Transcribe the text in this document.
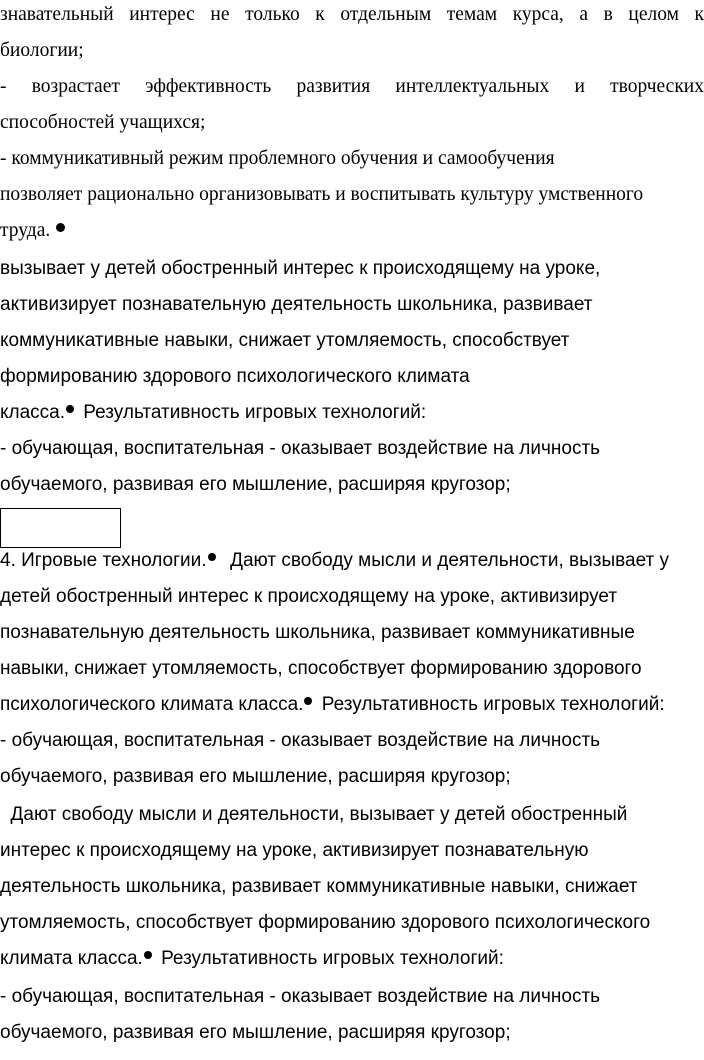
знавательный интерес не только к отдельным темам курса, а в целом к
биологии;
- возрастает эффективность развития интеллектуальных и творческих
способностей учащихся;
- коммуникативный режим проблемного обучения и самообучения
позволяет рационально организовывать и воспитывать культуру умственного
труда.
вызывает у детей обостренный интерес к происходящему на уроке,
активизирует познавательную деятельность школьника, развивает
коммуникативные навыки, снижает утомляемость, способствует
формированию здорового психологического климата
класса. Результативность игровых технологий:
- обучающая, воспитательная - оказывает воздействие на личность
обучаемого, развивая его мышление, расширяя кругозор;
4. Игровые технологии.  Дают свободу мысли и деятельности, вызывает у
детей обостренный интерес к происходящему на уроке, активизирует
познавательную деятельность школьника, развивает коммуникативные
навыки, снижает утомляемость, способствует формированию здорового
психологического климата класса. Результативность игровых технологий:
- обучающая, воспитательная - оказывает воздействие на личность
обучаемого, развивая его мышление, расширяя кругозор;
Дают свободу мысли и деятельности, вызывает у детей обостренный
интерес к происходящему на уроке, активизирует познавательную
деятельность школьника, развивает коммуникативные навыки, снижает
утомляемость, способствует формированию здорового психологического
климата класса. Результативность игровых технологий:
- обучающая, воспитательная - оказывает воздействие на личность
обучаемого, развивая его мышление, расширяя кругозор;
